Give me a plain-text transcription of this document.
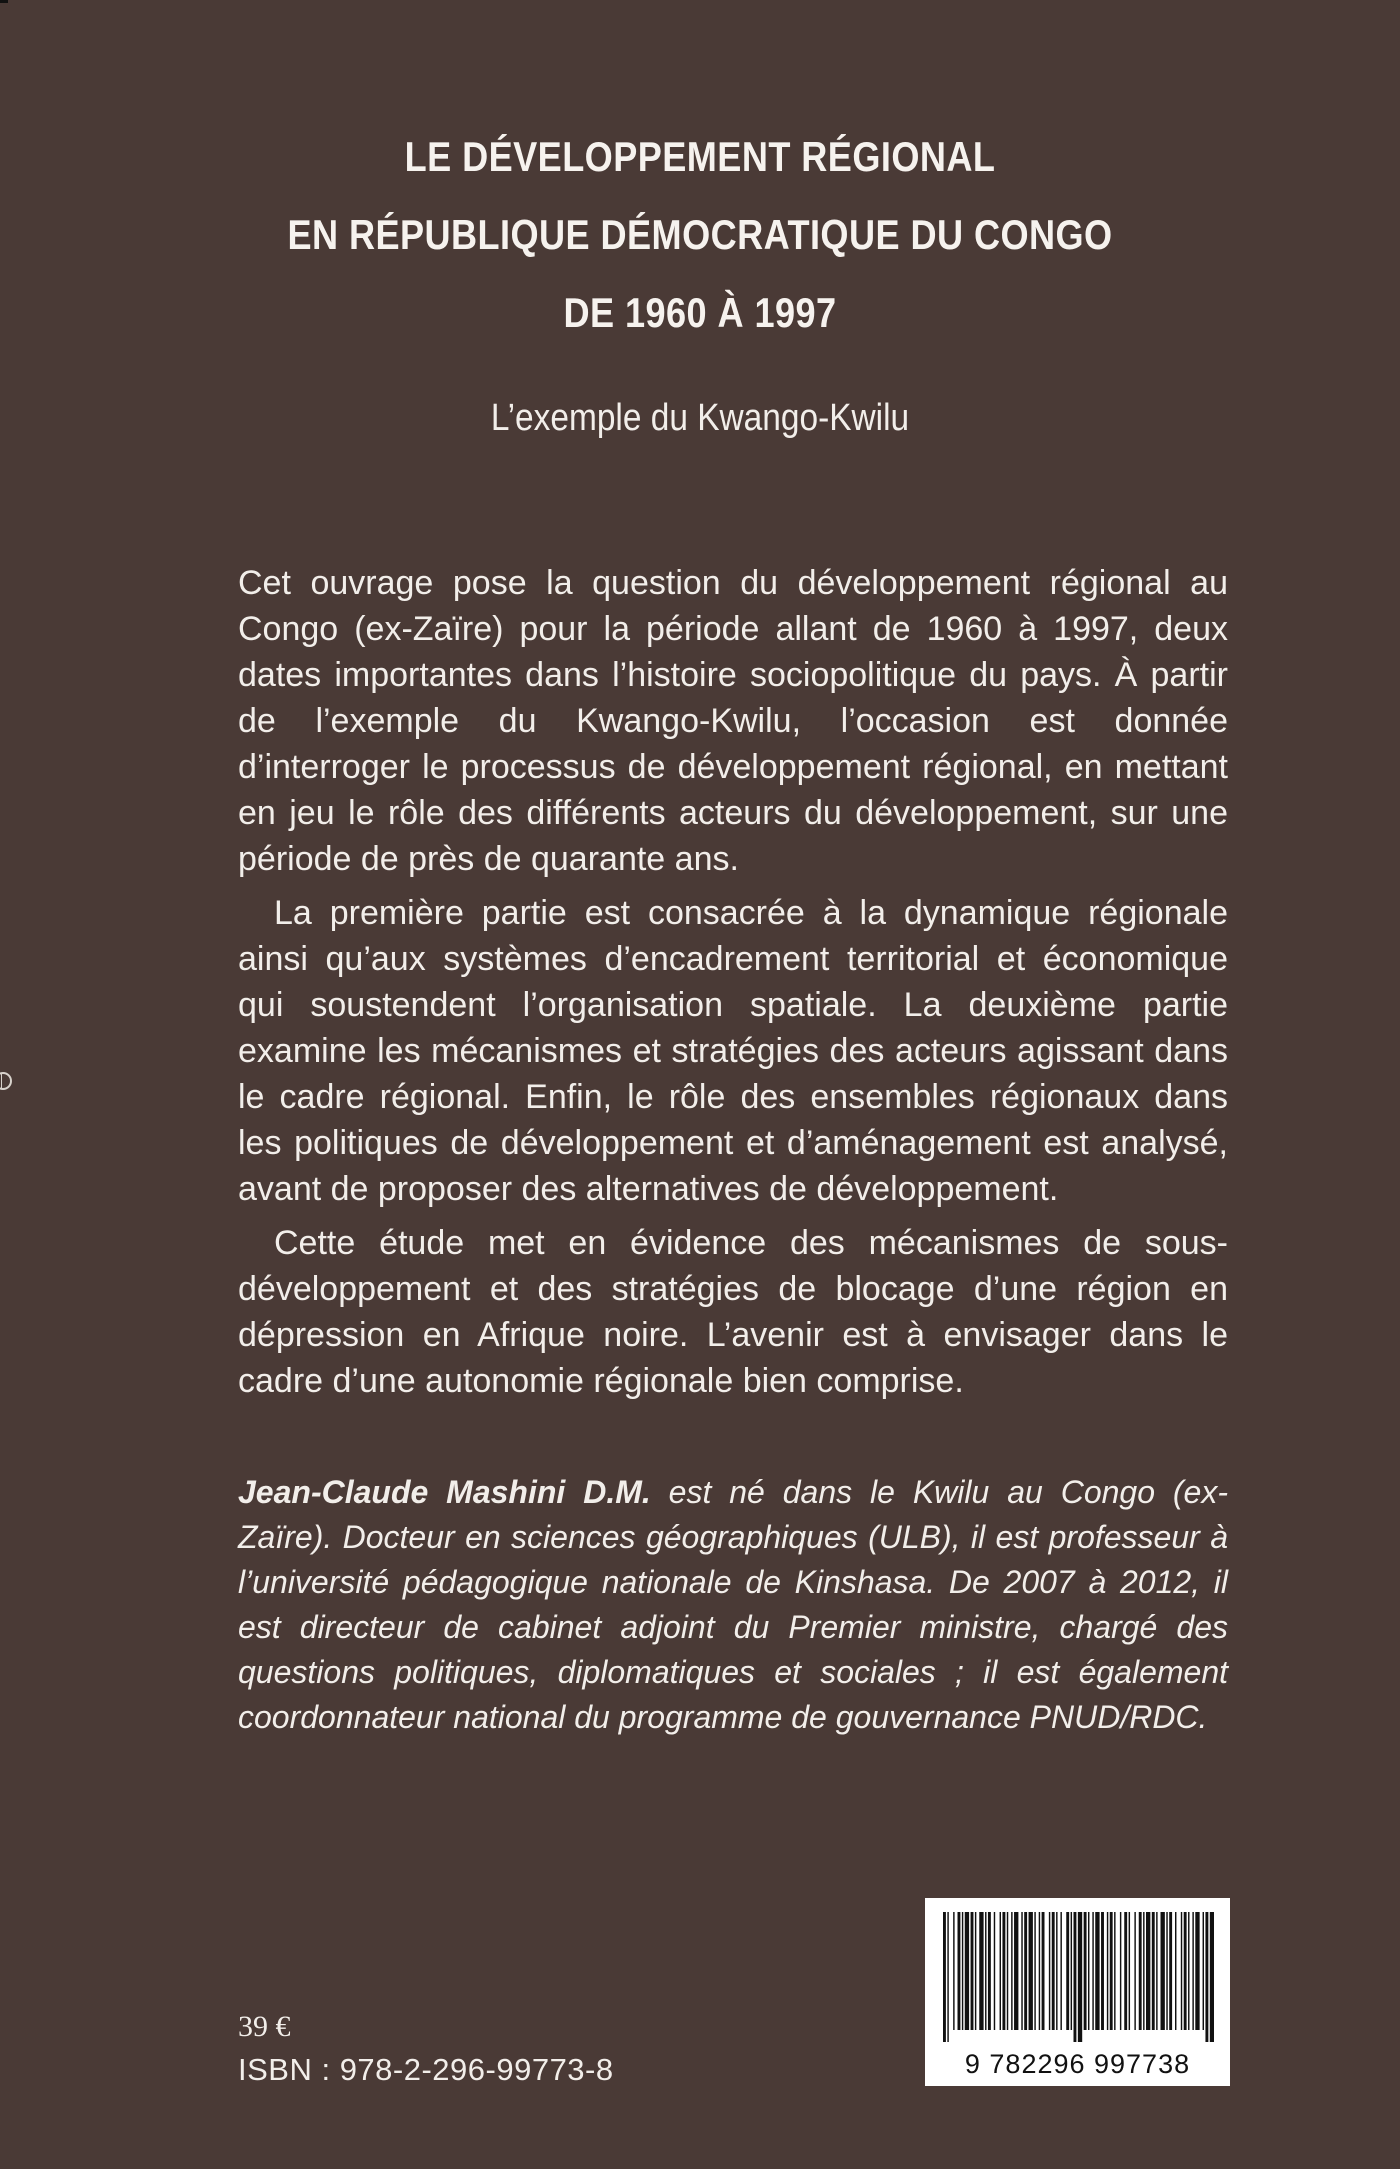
LE DÉVELOPPEMENT RÉGIONAL
EN RÉPUBLIQUE DÉMOCRATIQUE DU CONGO
DE 1960 À 1997
L’exemple du Kwango-Kwilu

Cet ouvrage pose la question du développement régional au Congo (ex-Zaïre) pour la période allant de 1960 à 1997, deux dates importantes dans l’histoire sociopolitique du pays. À partir de l’exemple du Kwango-Kwilu, l’occasion est donnée d’interroger le processus de développement régional, en mettant en jeu le rôle des différents acteurs du développement, sur une période de près de quarante ans.

La première partie est consacrée à la dynamique régionale ainsi qu’aux systèmes d’encadrement territorial et économique qui soustendent l’organisation spatiale. La deuxième partie examine les mécanismes et stratégies des acteurs agissant dans le cadre régional. Enfin, le rôle des ensembles régionaux dans les politiques de développement et d’aménagement est analysé, avant de proposer des alternatives de développement.

Cette étude met en évidence des mécanismes de sous-développement et des stratégies de blocage d’une région en dépression en Afrique noire. L’avenir est à envisager dans le cadre d’une autonomie régionale bien comprise.

Jean-Claude Mashini D.M. est né dans le Kwilu au Congo (ex-Zaïre). Docteur en sciences géographiques (ULB), il est professeur à l’université pédagogique nationale de Kinshasa. De 2007 à 2012, il est directeur de cabinet adjoint du Premier ministre, chargé des questions politiques, diplomatiques et sociales ; il est également coordonnateur national du programme de gouvernance PNUD/RDC.
39 €
ISBN : 978-2-296-99773-8	9 782296 997738
